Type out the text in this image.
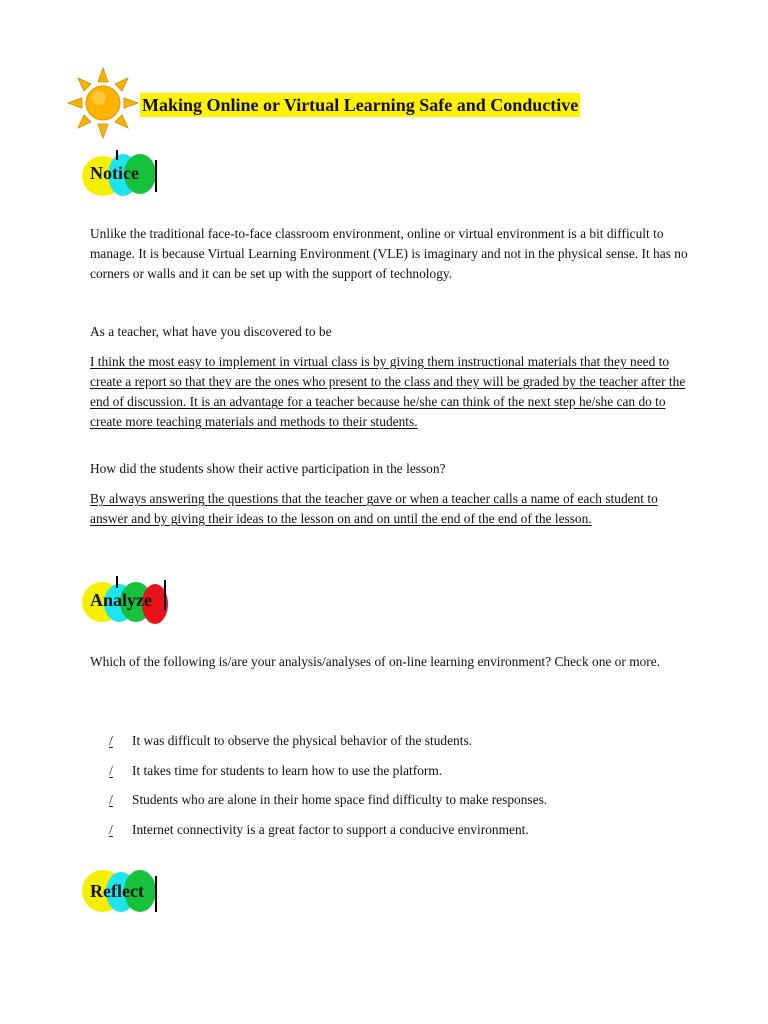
Making Online or Virtual Learning Safe and Conductive
Notice

Unlike the traditional face-to-face classroom environment, online or virtual environment is a bit difficult to manage. It is because Virtual Learning Environment (VLE) is imaginary and not in the physical sense. It has no corners or walls and it can be set up with the support of technology.

As a teacher, what have you discovered to be

I think the most easy to implement in virtual class is by giving them instructional materials that they need to create a report so that they are the ones who present to the class and they will be graded by the teacher after the end of discussion. It is an advantage for a teacher because he/she can think of the next step he/she can do to create more teaching materials and methods to their students.

How did the students show their active participation in the lesson?

By always answering the questions that the teacher gave or when a teacher calls a name of each student to answer and by giving their ideas to the lesson on and on until the end of the end of the lesson.

Analyze

Which of the following is/are your analysis/analyses of on-line learning environment? Check one or more.

/ It was difficult to observe the physical behavior of the students.
/ It takes time for students to learn how to use the platform.
/ Students who are alone in their home space find difficulty to make responses.
/ Internet connectivity is a great factor to support a conducive environment.
Reflect
